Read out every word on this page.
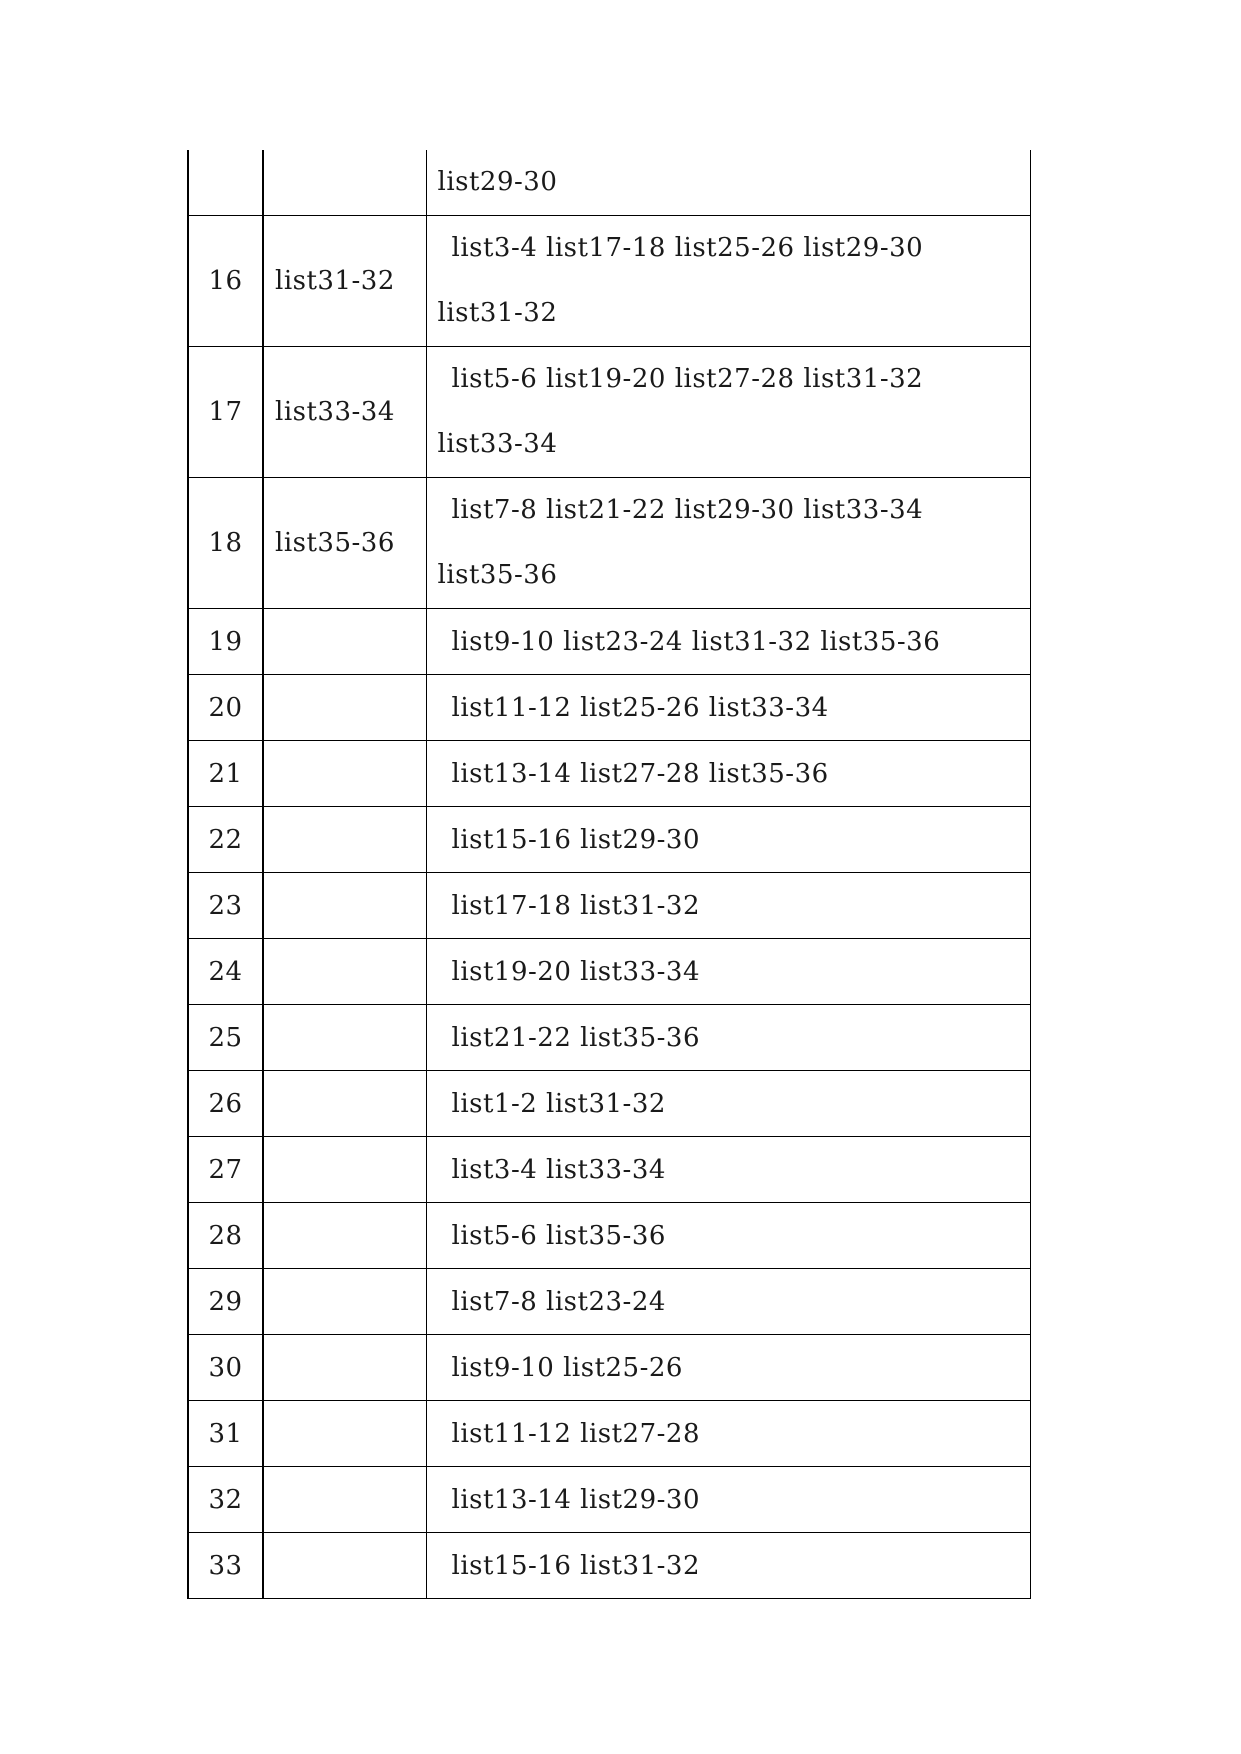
		list29-30

16	list31-32	list3-4 list17-18 list25-26 list29-30
list31-32

17	list33-34	list5-6 list19-20 list27-28 list31-32
list33-34

18	list35-36	list7-8 list21-22 list29-30 list33-34
list35-36

19		list9-10 list23-24 list31-32 list35-36

20		list11-12 list25-26 list33-34

21		list13-14 list27-28 list35-36

22		list15-16 list29-30

23		list17-18 list31-32

24		list19-20 list33-34

25		list21-22 list35-36

26		list1-2 list31-32

27		list3-4 list33-34

28		list5-6 list35-36

29		list7-8 list23-24

30		list9-10 list25-26

31		list11-12 list27-28

32		list13-14 list29-30

33		list15-16 list31-32
